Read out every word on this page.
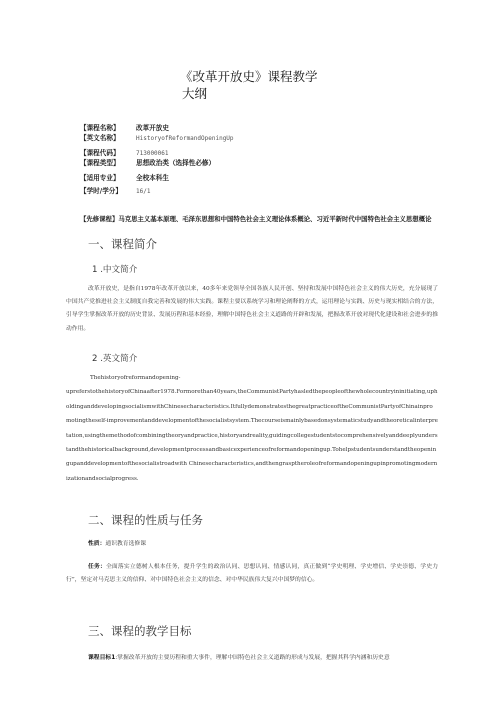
《改革开放史》课程教学
大纲
【课程名称】	改革开放史
【英文名称】	HistoryofReformandOpeningUp
【课程代码】	713000061
【课程类型】	思想政治类（选择性必修）
【适用专业】	全校本科生
【学时/学分】	16/1
【先修课程】马克思主义基本原理、毛泽东思想和中国特色社会主义理论体系概论、习近平新时代中国特色社会主义思想概论
一、课程简介
1 .中文简介
改革开放史，是指自1978年改革开放以来，40多年来党领导全国各族人民开创、坚持和发展中国特色社会主义的伟大历史，充分展现了中国共产党推进社会主义制度自我完善和发展的伟大实践。课程主要以系统学习和理论阐释的方式，运用理论与实践、历史与现实相结合的方法，引导学生掌握改革开放的历史背景、发展历程和基本经验，理解中国特色社会主义道路的开辟和发展，把握改革开放对现代化建设和社会进步的推动作用。
2 .英文简介
Thehistoryofreformandopening-
upreferstothehistoryofChinaafter1978.Formorethan40years,theCommunistPartyhasledthepeopleofthewholecountryininitiating,upholdinganddevelopingsocialismwithChinesecharacteristics.ItfullydemonstratesthegreatpracticeoftheCommunistPartyofChinainpromotingtheself-improvementanddevelopmentofthesocialistsystem.Thecourseismainlybasedonsystematicstudyandtheoreticalinterpretation,usingthemethodofcombiningtheoryandpractice,historyandreality,guidingcollegestudentstocomprehensivelyanddeeplyunderstandthehistoricalbackground,developmentprocessandbasicexperienceofreformandopeningup.Tohelpstudentsunderstandtheopeningupanddevelopmentofthesocialistroadwith Chinesecharacteristics,andthengrasptheroleofreformandopeningupinpromotingmodernizationandsocialprogress.
二、课程的性质与任务
性质：通识教育选修课
任务：全面落实立德树人根本任务，提升学生的政治认同、思想认同、情感认同，真正做到“学史明理、学史增信、学史崇德、学史力行”，坚定对马克思主义的信仰、对中国特色社会主义的信念、对中华民族伟大复兴中国梦的信心。
三、课程的教学目标
课程目标1:掌握改革开放的主要历程和重大事件，理解中国特色社会主义道路的形成与发展，把握其科学内涵和历史意
